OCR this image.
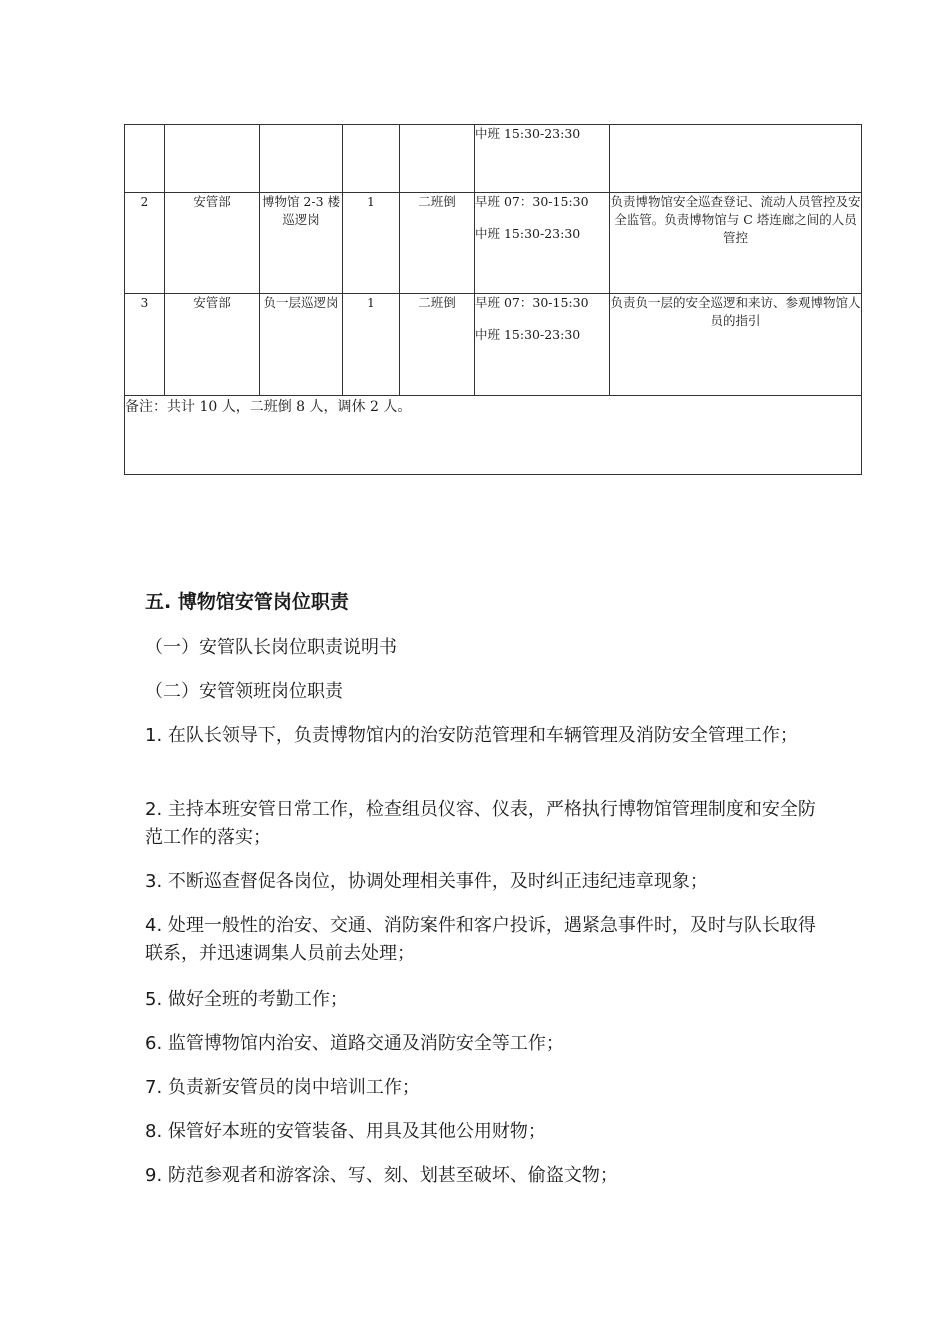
					中班 15:30-23:30	

2	安管部	博物馆 2-3 楼巡逻岗	1	二班倒	早班 07：30-15:30
中班 15:30-23:30	负责博物馆安全巡查登记、流动人员管控及安全监管。负责博物馆与 C 塔连廊之间的人员管控
3	安管部	负一层巡逻岗	1	二班倒	早班 07：30-15:30
中班 15:30-23:30	负责负一层的安全巡逻和来访、参观博物馆人员的指引
备注：共计 10 人，二班倒 8 人，调休 2 人。						
五. 博物馆安管岗位职责

（一）安管队长岗位职责说明书

（二）安管领班岗位职责

1. 在队长领导下，负责博物馆内的治安防范管理和车辆管理及消防安全管理工作；

2. 主持本班安管日常工作，检查组员仪容、仪表，严格执行博物馆管理制度和安全防范工作的落实；

3. 不断巡查督促各岗位，协调处理相关事件，及时纠正违纪违章现象；

4. 处理一般性的治安、交通、消防案件和客户投诉，遇紧急事件时，及时与队长取得联系，并迅速调集人员前去处理；

5. 做好全班的考勤工作；

6. 监管博物馆内治安、道路交通及消防安全等工作；

7. 负责新安管员的岗中培训工作；

8. 保管好本班的安管装备、用具及其他公用财物；

9. 防范参观者和游客涂、写、刻、划甚至破坏、偷盗文物；
